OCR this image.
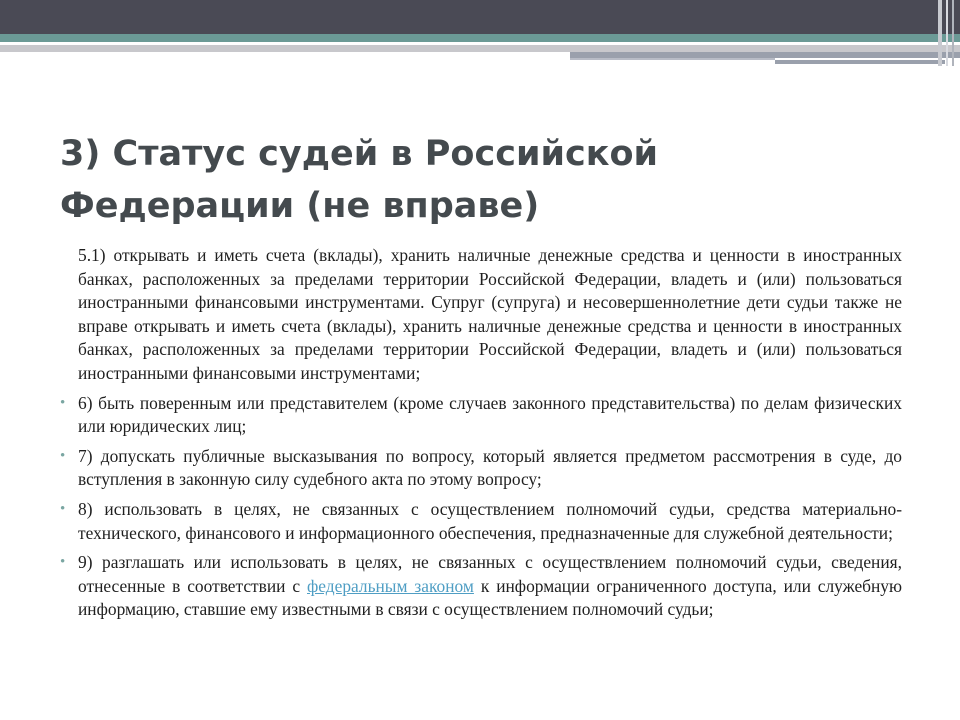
3) Статус судей в Российской
Федерации (не вправе)

5.1) открывать и иметь счета (вклады), хранить наличные денежные средства и ценности в иностранных банках, расположенных за пределами территории Российской Федерации, владеть и (или) пользоваться иностранными финансовыми инструментами. Супруг (супруга) и несовершеннолетние дети судьи также не вправе открывать и иметь счета (вклады), хранить наличные денежные средства и ценности в иностранных банках, расположенных за пределами территории Российской Федерации, владеть и (или) пользоваться иностранными финансовыми инструментами;

• 6) быть поверенным или представителем (кроме случаев законного представительства) по делам физических или юридических лиц;

• 7) допускать публичные высказывания по вопросу, который является предметом рассмотрения в суде, до вступления в законную силу судебного акта по этому вопросу;

• 8) использовать в целях, не связанных с осуществлением полномочий судьи, средства материально-технического, финансового и информационного обеспечения, предназначенные для служебной деятельности;

• 9) разглашать или использовать в целях, не связанных с осуществлением полномочий судьи, сведения, отнесенные в соответствии с федеральным законом к информации ограниченного доступа, или служебную информацию, ставшие ему известными в связи с осуществлением полномочий судьи;
